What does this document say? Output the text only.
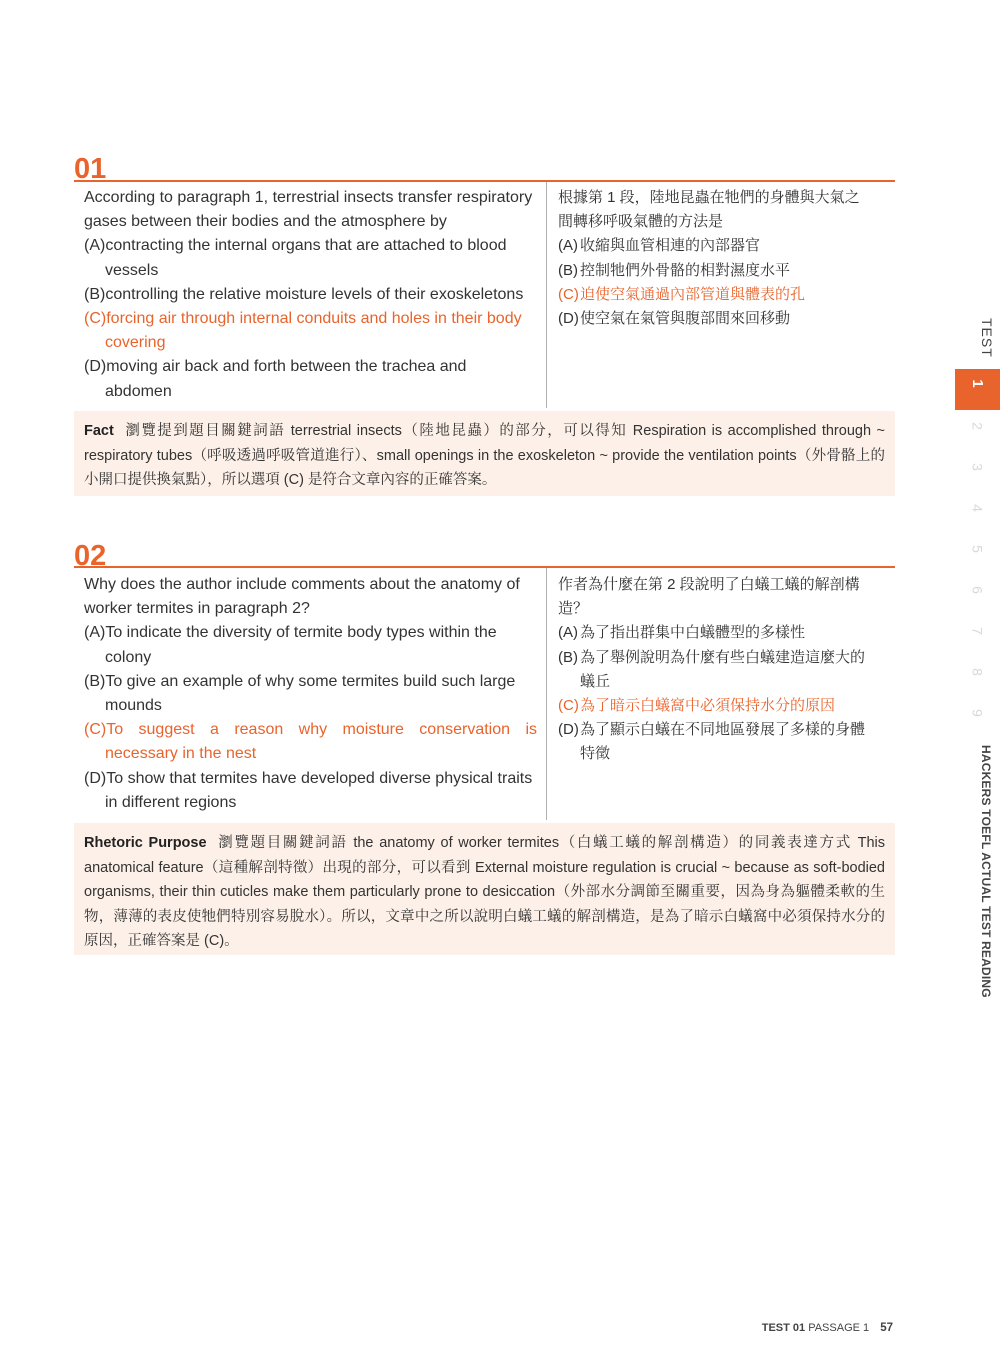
01
According to paragraph 1, terrestrial insects transfer respiratory
gases between their bodies and the atmosphere by
(A) contracting the internal organs that are attached to blood
vessels
(B) controlling the relative moisture levels of their exoskeletons
(C) forcing air through internal conduits and holes in their body
covering
(D) moving air back and forth between the trachea and
abdomen
根據第 1 段，陸地昆蟲在牠們的身體與大氣之
間轉移呼吸氣體的方法是
(A) 收縮與血管相連的內部器官
(B) 控制牠們外骨骼的相對濕度水平
(C) 迫使空氣通過內部管道與體表的孔
(D) 使空氣在氣管與腹部間來回移動
Fact 瀏覽提到題目關鍵詞語 terrestrial insects（陸地昆蟲）的部分，可以得知 Respiration is accomplished through ~ respiratory tubes（呼吸透過呼吸管道進行）、small openings in the exoskeleton ~ provide the ventilation points（外骨骼上的小開口提供換氣點），所以選項 (C) 是符合文章內容的正確答案。
02
Why does the author include comments about the anatomy of
worker termites in paragraph 2?
(A) To indicate the diversity of termite body types within the
colony
(B) To give an example of why some termites build such large
mounds
(C) To suggest a reason why moisture conservation is
necessary in the nest
(D) To show that termites have developed diverse physical traits
in different regions
作者為什麼在第 2 段說明了白蟻工蟻的解剖構
造？
(A) 為了指出群集中白蟻體型的多樣性
(B) 為了舉例說明為什麼有些白蟻建造這麼大的
蟻丘
(C) 為了暗示白蟻窩中必須保持水分的原因
(D) 為了顯示白蟻在不同地區發展了多樣的身體
特徵
Rhetoric Purpose 瀏覽題目關鍵詞語 the anatomy of worker termites（白蟻工蟻的解剖構造）的同義表達方式 This anatomical feature（這種解剖特徵）出現的部分，可以看到 External moisture regulation is crucial ~ because as soft-bodied organisms, their thin cuticles make them particularly prone to desiccation（外部水分調節至關重要，因為身為軀體柔軟的生物，薄薄的表皮使牠們特別容易脫水）。所以，文章中之所以說明白蟻工蟻的解剖構造，是為了暗示白蟻窩中必須保持水分的原因，正確答案是 (C)。
TEST
1
2
3
4
5
6
7
8
9
HACKERS TOEFL ACTUAL TEST READING
TEST 01 PASSAGE 1 57
